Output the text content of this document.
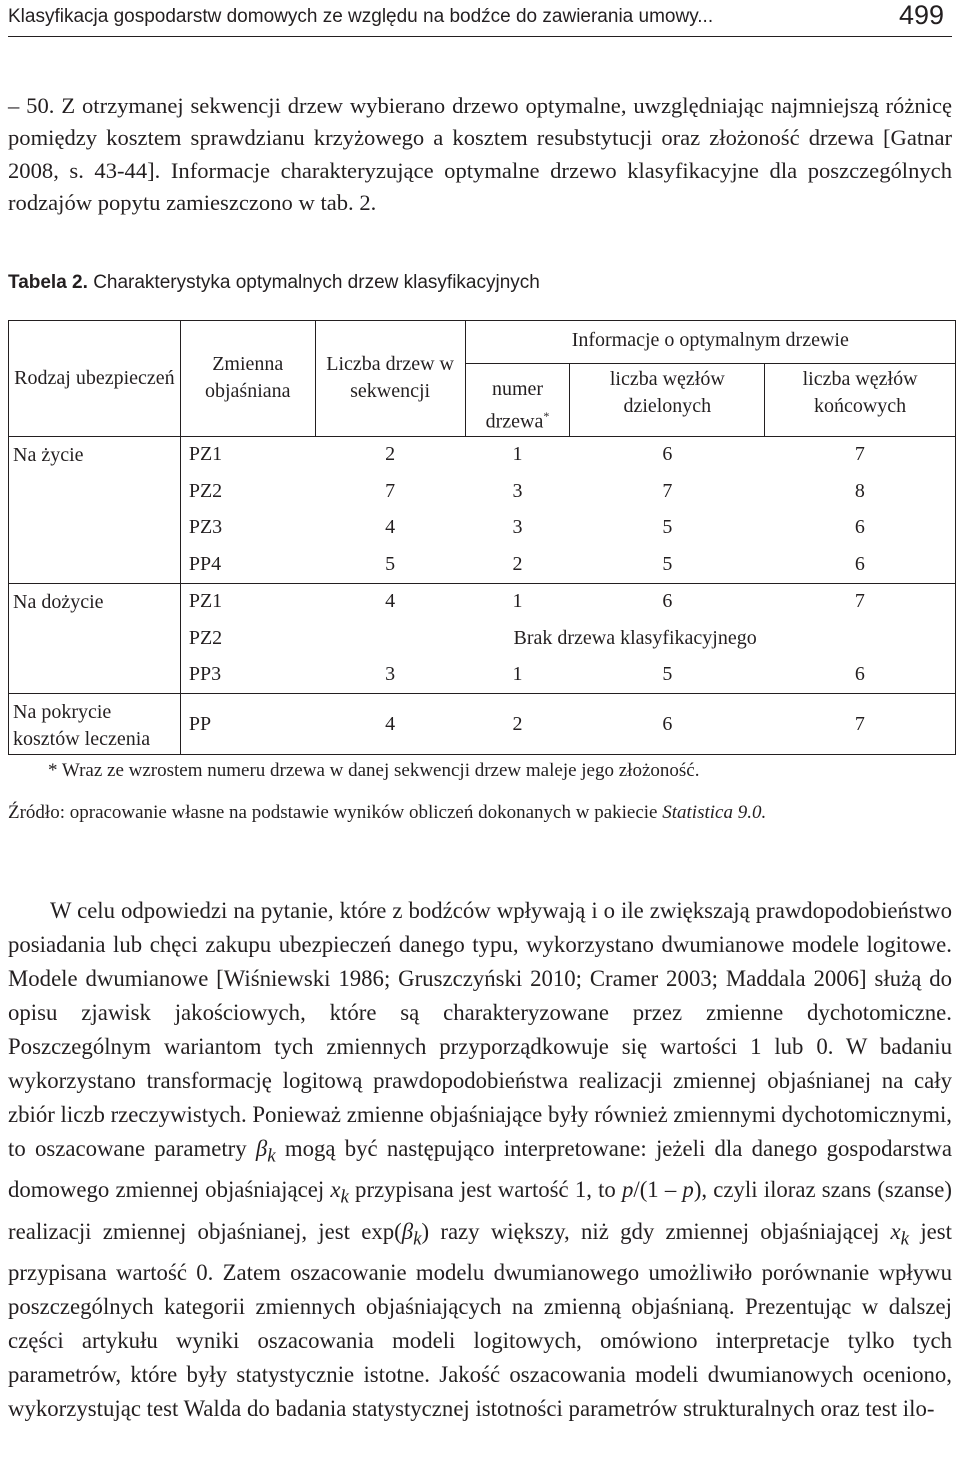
Klasyfikacja gospodarstw domowych ze względu na bodźce do zawierania umowy...	499

– 50. Z otrzymanej sekwencji drzew wybierano drzewo optymalne, uwzględniając najmniejszą różnicę pomiędzy kosztem sprawdzianu krzyżowego a kosztem resubstytucji oraz złożoność drzewa [Gatnar 2008, s. 43-44]. Informacje charakteryzujące optymalne drzewo klasyfikacyjne dla poszczególnych rodzajów popytu zamieszczono w tab. 2.

Tabela 2. Charakterystyka optymalnych drzew klasyfikacyjnych
Rodzaj ubezpieczeń	Zmienna objaśniana	Liczba drzew w sekwencji	Informacje o optymalnym drzewie		
			numer drzewa*	liczba węzłów dzielonych	liczba węzłów końcowych
Na życie	PZ1	2	1	6	7
	PZ2	7	3	7	8
	PZ3	4	3	5	6
	PP4	5	2	5	6
Na dożycie	PZ1	4	1	6	7
	PZ2	Brak drzewa klasyfikacyjnego			
	PP3	3	1	5	6
Na pokrycie kosztów leczenia	PP	4	2	6	7
* Wraz ze wzrostem numeru drzewa w danej sekwencji drzew maleje jego złożoność.
Źródło: opracowanie własne na podstawie wyników obliczeń dokonanych w pakiecie Statistica 9.0.

W celu odpowiedzi na pytanie, które z bodźców wpływają i o ile zwiększają prawdopodobieństwo posiadania lub chęci zakupu ubezpieczeń danego typu, wykorzystano dwumianowe modele logitowe. Modele dwumianowe [Wiśniewski 1986; Gruszczyński 2010; Cramer 2003; Maddala 2006] służą do opisu zjawisk jakościowych, które są charakteryzowane przez zmienne dychotomiczne. Poszczególnym wariantom tych zmiennych przyporządkowuje się wartości 1 lub 0. W badaniu wykorzystano transformację logitową prawdopodobieństwa realizacji zmiennej objaśnianej na cały zbiór liczb rzeczywistych. Ponieważ zmienne objaśniające były również zmiennymi dychotomicznymi, to oszacowane parametry $\beta_k$ mogą być następująco interpretowane: jeżeli dla danego gospodarstwa domowego zmiennej objaśniającej $x_k$ przypisana jest wartość 1, to p/(1 – p), czyli iloraz szans (szanse) realizacji zmiennej objaśnianej, jest $\exp(\beta_k)$ razy większy, niż gdy zmiennej objaśniającej $x_k$ jest przypisana wartość 0. Zatem oszacowanie modelu dwumianowego umożliwiło porównanie wpływu poszczególnych kategorii zmiennych objaśniających na zmienną objaśnianą. Prezentując w dalszej części artykułu wyniki oszacowania modeli logitowych, omówiono interpretacje tylko tych parametrów, które były statystycznie istotne. Jakość oszacowania modeli dwumianowych oceniono, wykorzystując test Walda do badania statystycznej istotności parametrów strukturalnych oraz test ilo-
